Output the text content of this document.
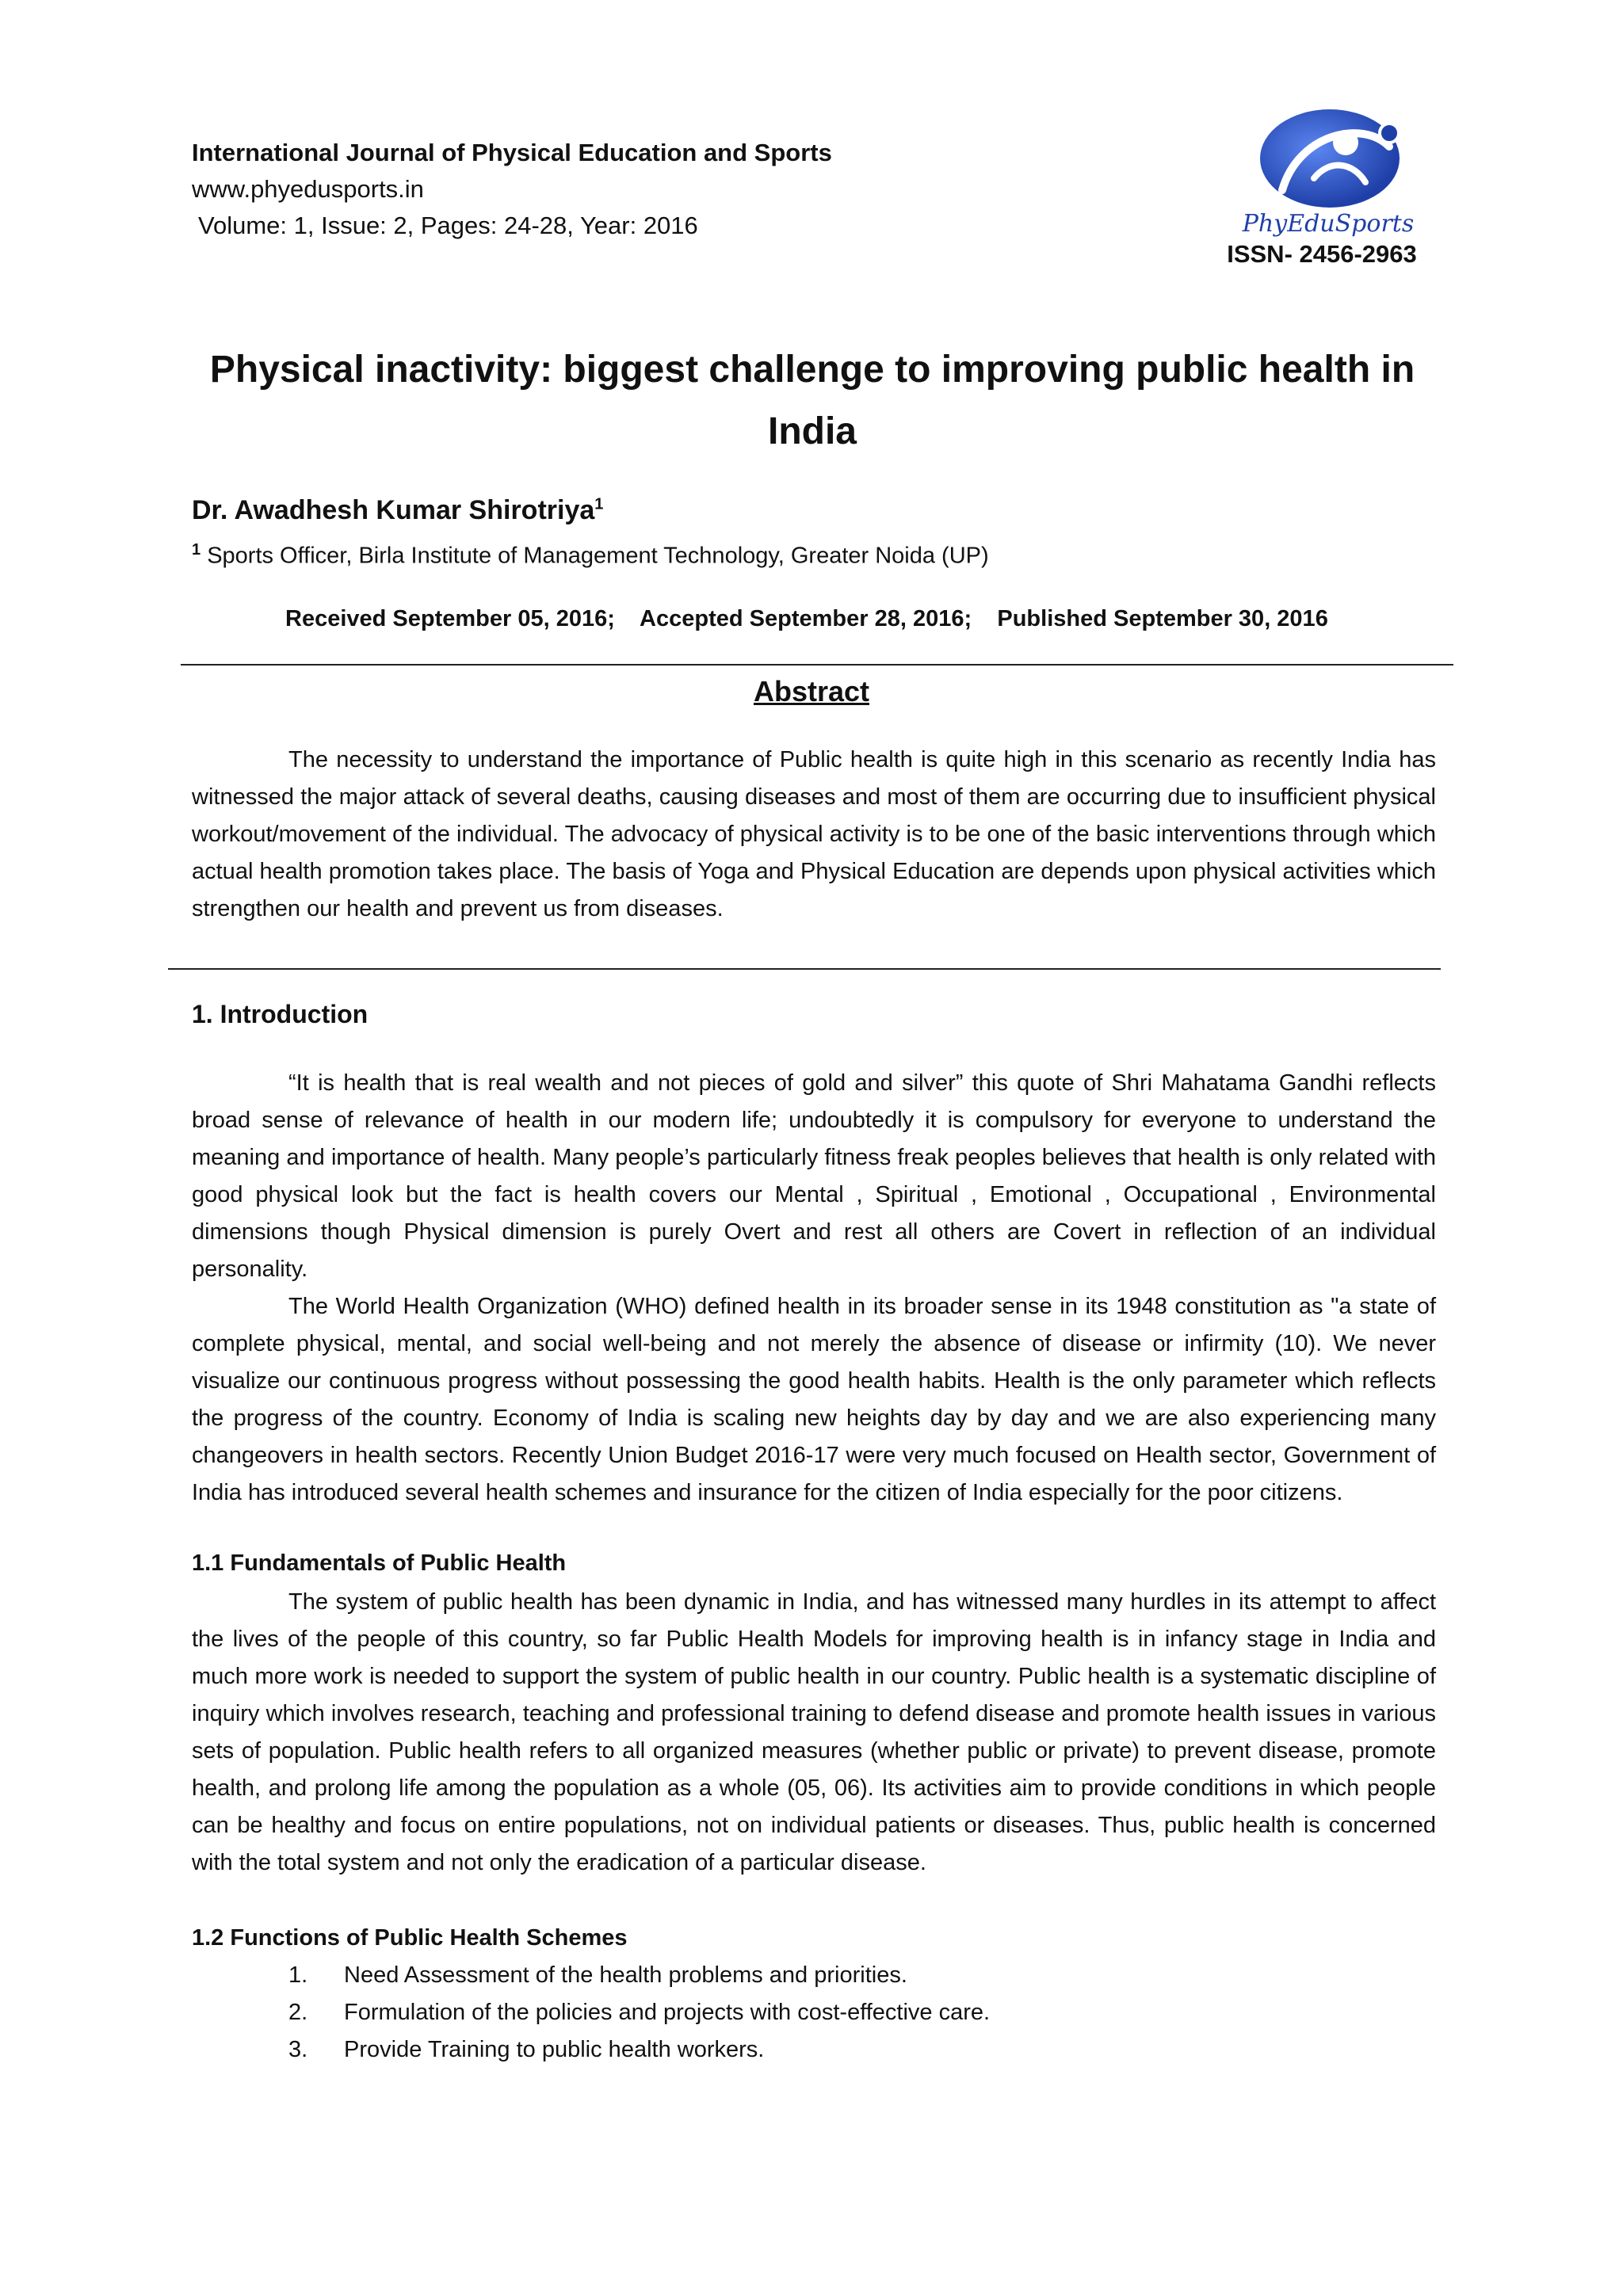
International Journal of Physical Education and Sports
www.phyedusports.in
Volume: 1, Issue: 2, Pages: 24-28, Year: 2016	PhyEduSports
ISSN- 2456-2963
Physical inactivity: biggest challenge to improving public health in India
Dr. Awadhesh Kumar Shirotriya$^1$
$^1$ Sports Officer, Birla Institute of Management Technology, Greater Noida (UP)
Received September 05, 2016;    Accepted September 28, 2016;    Published September 30, 2016
Abstract

The necessity to understand the importance of Public health is quite high in this scenario as recently India has witnessed the major attack of several deaths, causing diseases and most of them are occurring due to insufficient physical workout/movement of the individual. The advocacy of physical activity is to be one of the basic interventions through which actual health promotion takes place. The basis of Yoga and Physical Education are depends upon physical activities which strengthen our health and prevent us from diseases.

1. Introduction

“It is health that is real wealth and not pieces of gold and silver” this quote of Shri Mahatama Gandhi reflects broad sense of relevance of health in our modern life; undoubtedly it is compulsory for everyone to understand the meaning and importance of health. Many people’s particularly fitness freak peoples believes that health is only related with good physical look but the fact is health covers our Mental , Spiritual , Emotional , Occupational , Environmental dimensions though Physical dimension is purely Overt and rest all others are Covert in reflection of an individual personality.

The World Health Organization (WHO) defined health in its broader sense in its 1948 constitution as "a state of complete physical, mental, and social well-being and not merely the absence of disease or infirmity (10). We never visualize our continuous progress without possessing the good health habits. Health is the only parameter which reflects the progress of the country. Economy of India is scaling new heights day by day and we are also experiencing many changeovers in health sectors. Recently Union Budget 2016-17 were very much focused on Health sector, Government of India has introduced several health schemes and insurance for the citizen of India especially for the poor citizens.

1.1 Fundamentals of Public Health

The system of public health has been dynamic in India, and has witnessed many hurdles in its attempt to affect the lives of the people of this country, so far Public Health Models for improving health is in infancy stage in India and much more work is needed to support the system of public health in our country. Public health is a systematic discipline of inquiry which involves research, teaching and professional training to defend disease and promote health issues in various sets of population. Public health refers to all organized measures (whether public or private) to prevent disease, promote health, and prolong life among the population as a whole (05, 06). Its activities aim to provide conditions in which people can be healthy and focus on entire populations, not on individual patients or diseases. Thus, public health is concerned with the total system and not only the eradication of a particular disease.

1.2 Functions of Public Health Schemes
1.	Need Assessment of the health problems and priorities.
2.	Formulation of the policies and projects with cost-effective care.
3.	Provide Training to public health workers.
